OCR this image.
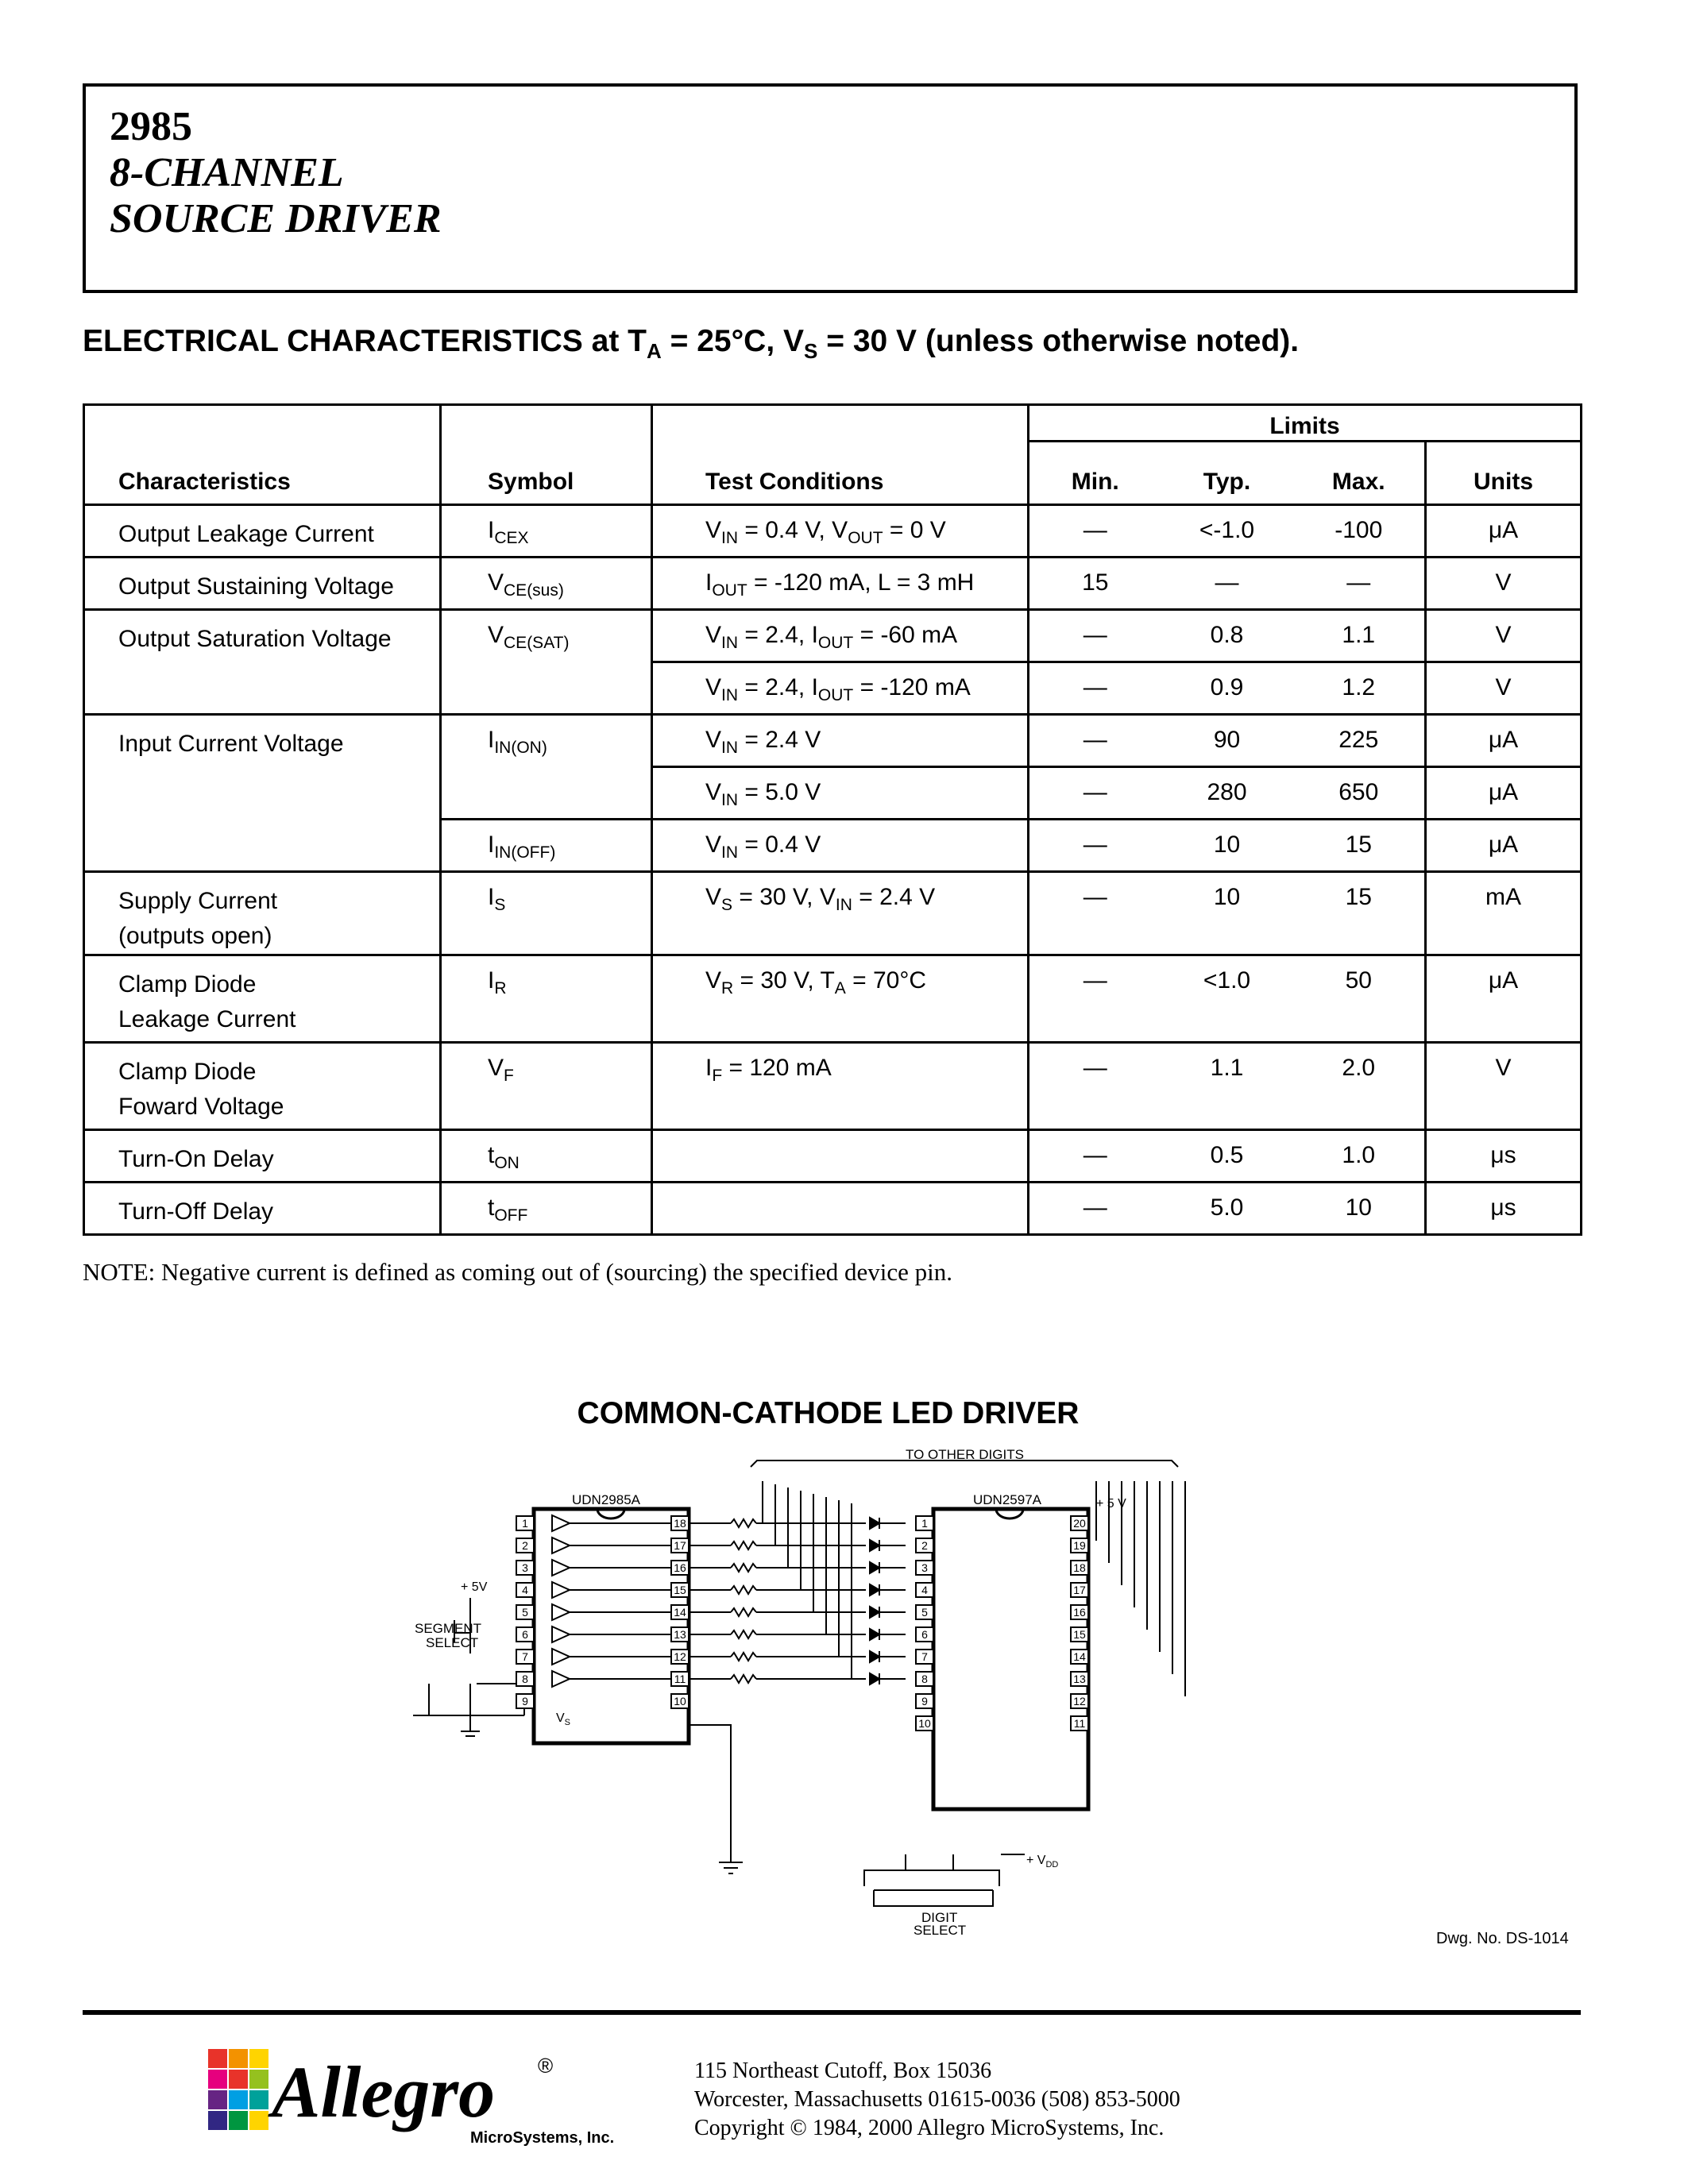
2985
8-CHANNEL
SOURCE DRIVER
ELECTRICAL CHARACTERISTICS at $T_A = 25^\circ C$, $V_S = 30$ V (unless otherwise noted).
Characteristics	Symbol	Test Conditions	Limits			
			Min.	Typ.	Max.	Units

Output Leakage Current	$I_{CEX}$	$V_{IN} = 0.4$ V, $V_{OUT} = 0$ V	—	<-1.0	-100	μA

Output Sustaining Voltage	$V_{CE(sus)}$	$I_{OUT} = -120$ mA, L = 3 mH	15	—	—	V

Output Saturation Voltage	$V_{CE(SAT)}$	$V_{IN} = 2.4$, $I_{OUT} = -60$ mA	—	0.8	1.1	V
		$V_{IN} = 2.4$, $I_{OUT} = -120$ mA	—	0.9	1.2	V

Input Current Voltage	$I_{IN(ON)}$	$V_{IN} = 2.4$ V	—	90	225	μA
		$V_{IN} = 5.0$ V	—	280	650	μA
	$I_{IN(OFF)}$	$V_{IN} = 0.4$ V	—	10	15	μA

Supply Current
(outputs open)	$I_S$	$V_S = 30$ V, $V_{IN} = 2.4$ V	—	10	15	mA

Clamp Diode
Leakage Current	$I_R$	$V_R = 30$ V, $T_A = 70^\circ C$	—	<1.0	50	μA

Clamp Diode
Foward Voltage	$V_F$	$I_F = 120$ mA	—	1.1	2.0	V

Turn-On Delay	$t_{ON}$		—	0.5	1.0	μs

Turn-Off Delay	$t_{OFF}$		—	5.0	10	μs
NOTE: Negative current is defined as coming out of (sourcing) the specified device pin.
COMMON-CATHODE LED DRIVER
1	18
2	17
3	16
4	15
5	14
6	13
7	12
8	11
9	10
1	20
2	19
3	18
4	17
5	16
6	15
7	14
8	13
9	12
10	11
UDN2985A	UDN2597A
TO OTHER DIGITS
+ 5V
+ 5 V
SEGMENT
SELECT
DIGIT
SELECT
+ $V_{DD}$
$V_S$
Dwg. No. DS-1014
Allegro ®
MicroSystems, Inc.
115 Northeast Cutoff, Box 15036
Worcester, Massachusetts 01615-0036 (508) 853-5000
Copyright © 1984, 2000 Allegro MicroSystems, Inc.
